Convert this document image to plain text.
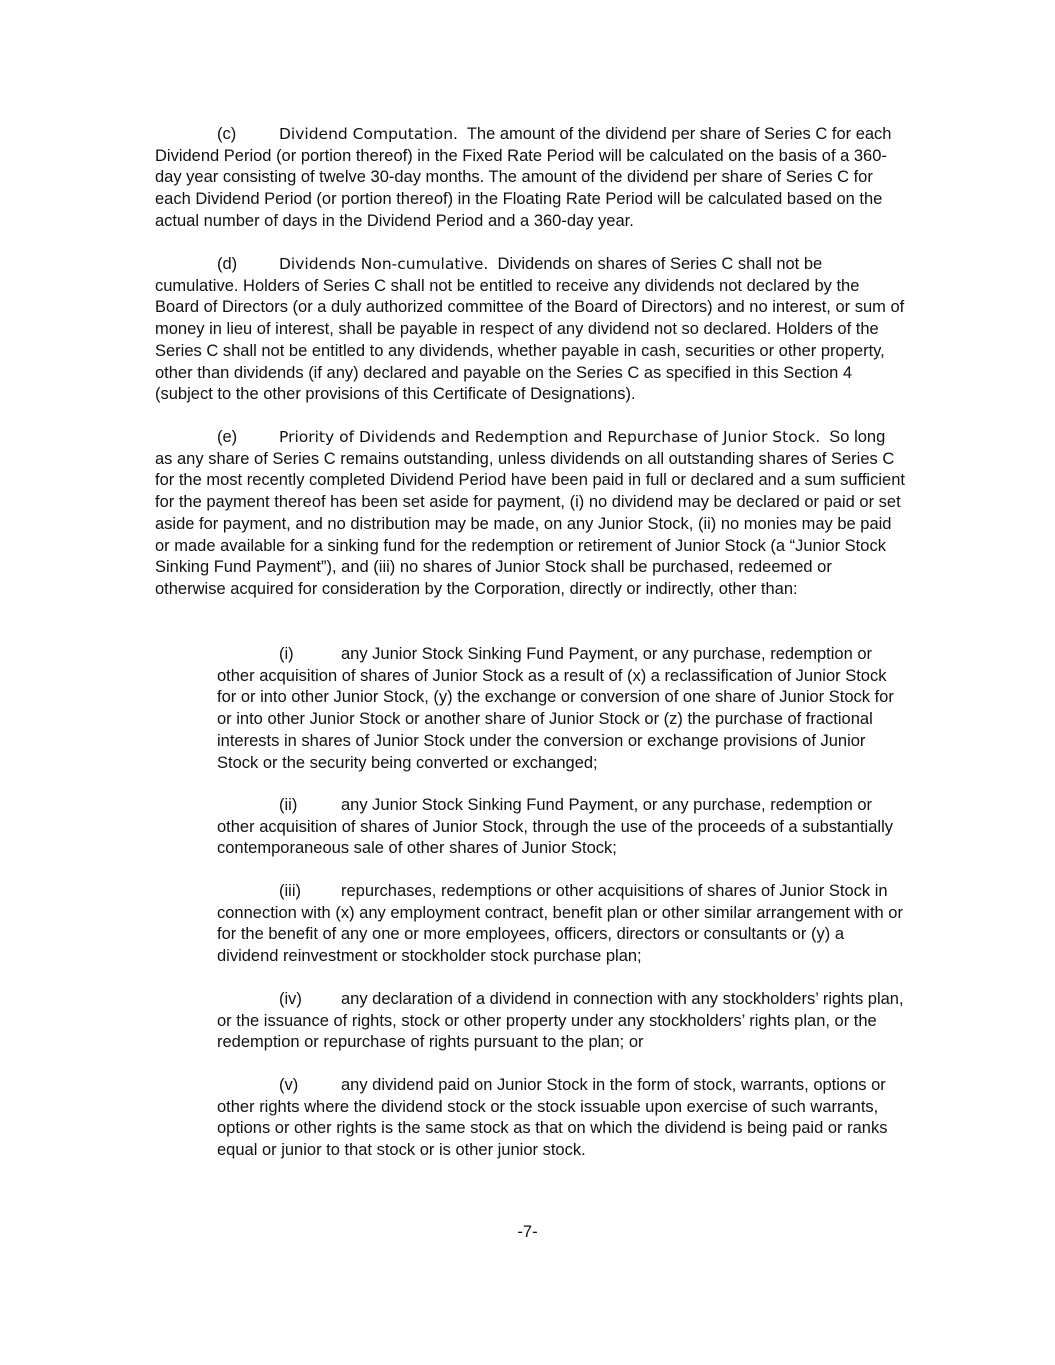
(c)	Dividend Computation. The amount of the dividend per share of Series C for each Dividend Period (or portion thereof) in the Fixed Rate Period will be calculated on the basis of a 360-day year consisting of twelve 30-day months. The amount of the dividend per share of Series C for each Dividend Period (or portion thereof) in the Floating Rate Period will be calculated based on the actual number of days in the Dividend Period and a 360-day year.

(d)	Dividends Non-cumulative. Dividends on shares of Series C shall not be cumulative. Holders of Series C shall not be entitled to receive any dividends not declared by the Board of Directors (or a duly authorized committee of the Board of Directors) and no interest, or sum of money in lieu of interest, shall be payable in respect of any dividend not so declared. Holders of the Series C shall not be entitled to any dividends, whether payable in cash, securities or other property, other than dividends (if any) declared and payable on the Series C as specified in this Section 4 (subject to the other provisions of this Certificate of Designations).

(e)	Priority of Dividends and Redemption and Repurchase of Junior Stock. So long as any share of Series C remains outstanding, unless dividends on all outstanding shares of Series C for the most recently completed Dividend Period have been paid in full or declared and a sum sufficient for the payment thereof has been set aside for payment, (i) no dividend may be declared or paid or set aside for payment, and no distribution may be made, on any Junior Stock, (ii) no monies may be paid or made available for a sinking fund for the redemption or retirement of Junior Stock (a “Junior Stock Sinking Fund Payment”), and (iii) no shares of Junior Stock shall be purchased, redeemed or otherwise acquired for consideration by the Corporation, directly or indirectly, other than:

(i)	any Junior Stock Sinking Fund Payment, or any purchase, redemption or other acquisition of shares of Junior Stock as a result of (x) a reclassification of Junior Stock for or into other Junior Stock, (y) the exchange or conversion of one share of Junior Stock for or into other Junior Stock or another share of Junior Stock or (z) the purchase of fractional interests in shares of Junior Stock under the conversion or exchange provisions of Junior Stock or the security being converted or exchanged;

(ii)	any Junior Stock Sinking Fund Payment, or any purchase, redemption or other acquisition of shares of Junior Stock, through the use of the proceeds of a substantially contemporaneous sale of other shares of Junior Stock;

(iii) repurchases, redemptions or other acquisitions of shares of Junior Stock in connection with (x) any employment contract, benefit plan or other similar arrangement with or for the benefit of any one or more employees, officers, directors or consultants or (y) a dividend reinvestment or stockholder stock purchase plan;

(iv) any declaration of a dividend in connection with any stockholders’ rights plan, or the issuance of rights, stock or other property under any stockholders’ rights plan, or the redemption or repurchase of rights pursuant to the plan; or

(v)	any dividend paid on Junior Stock in the form of stock, warrants, options or other rights where the dividend stock or the stock issuable upon exercise of such warrants, options or other rights is the same stock as that on which the dividend is being paid or ranks equal or junior to that stock or is other junior stock.

-7-
